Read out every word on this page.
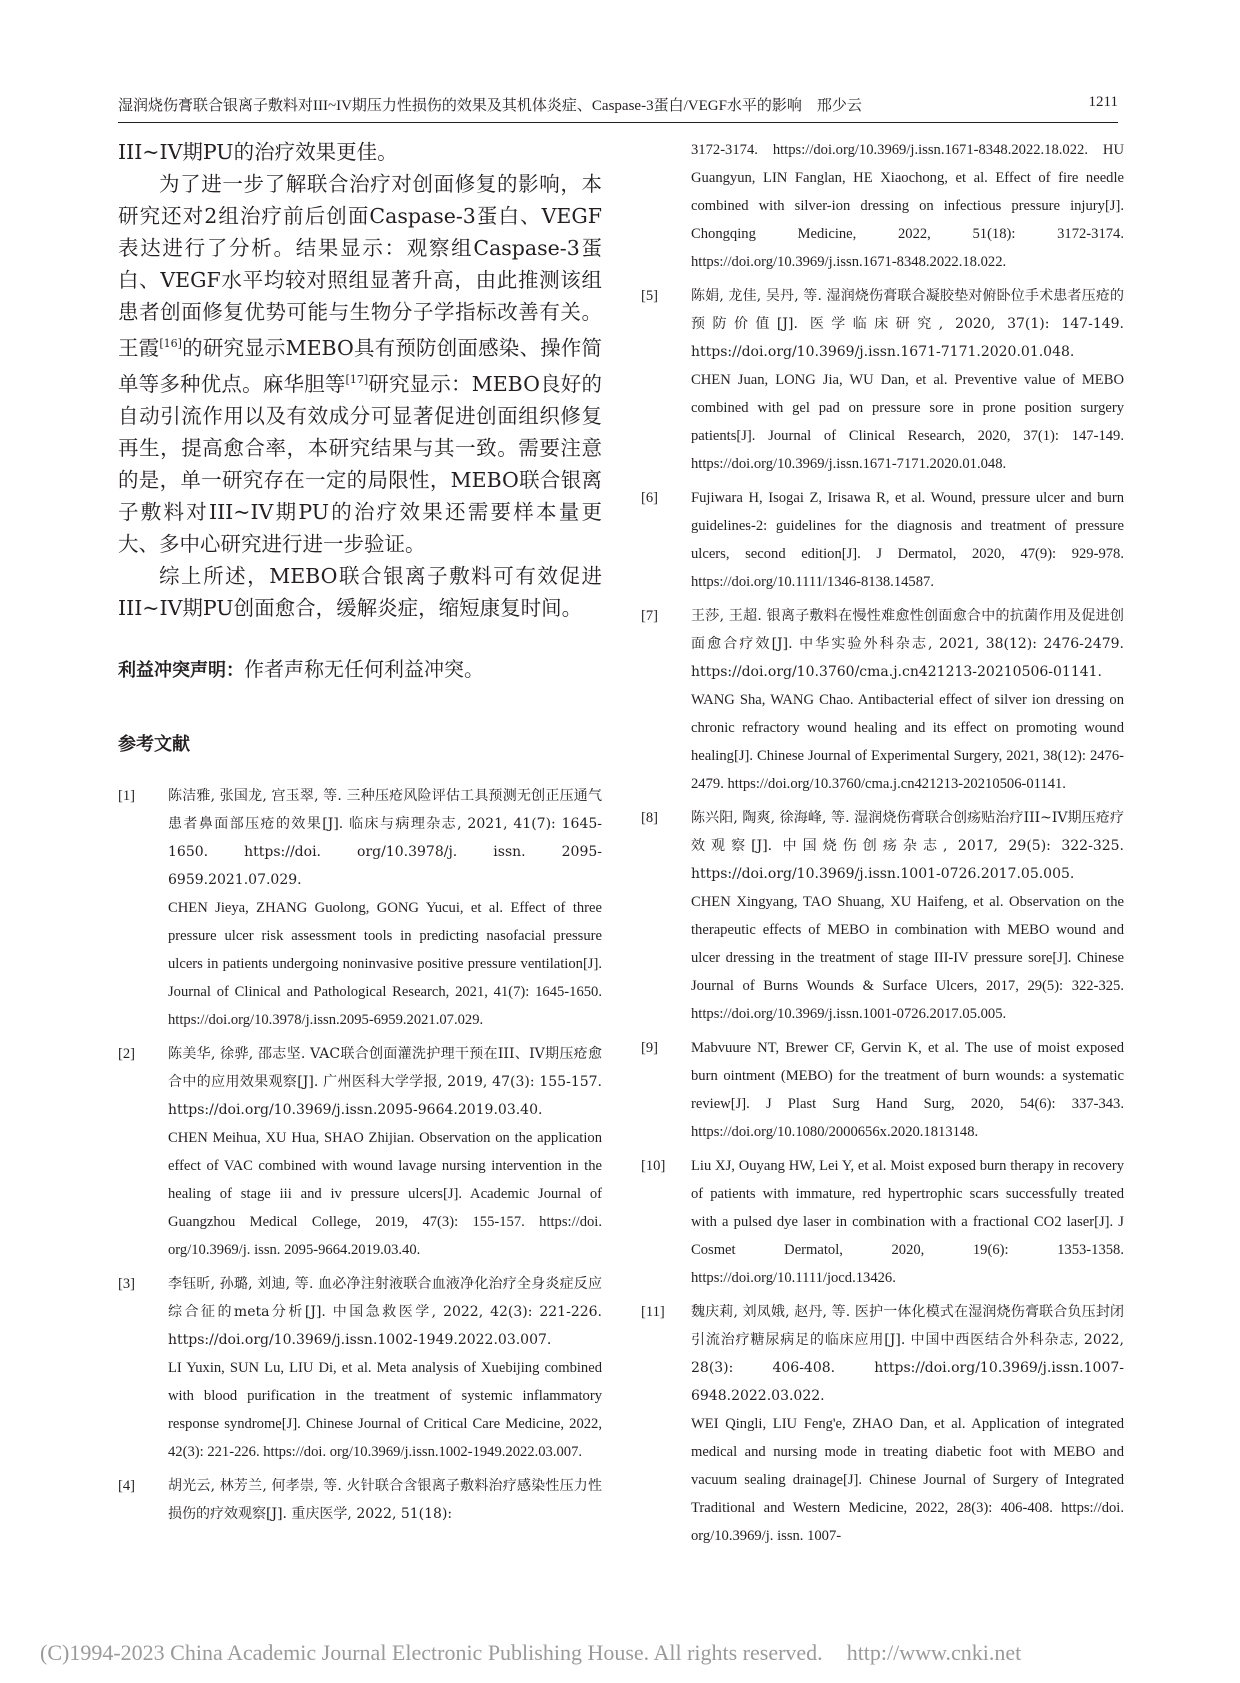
湿润烧伤膏联合银离子敷料对III~IV期压力性损伤的效果及其机体炎症、Caspase-3蛋白/VEGF水平的影响　邢少云	1211

III~IV期PU的治疗效果更佳。

为了进一步了解联合治疗对创面修复的影响，本研究还对2组治疗前后创面Caspase-3蛋白、VEGF表达进行了分析。结果显示：观察组Caspase-3蛋白、VEGF水平均较对照组显著升高，由此推测该组患者创面修复优势可能与生物分子学指标改善有关。王霞[16]的研究显示MEBO具有预防创面感染、操作简单等多种优点。麻华胆等[17]研究显示：MEBO良好的自动引流作用以及有效成分可显著促进创面组织修复再生，提高愈合率，本研究结果与其一致。需要注意的是，单一研究存在一定的局限性，MEBO联合银离子敷料对III~IV期PU的治疗效果还需要样本量更大、多中心研究进行进一步验证。

综上所述，MEBO联合银离子敷料可有效促进III~IV期PU创面愈合，缓解炎症，缩短康复时间。

利益冲突声明：作者声称无任何利益冲突。

参考文献
[1] 陈洁雅, 张国龙, 宫玉翠, 等. 三种压疮风险评估工具预测无创正压通气患者鼻面部压疮的效果[J]. 临床与病理杂志, 2021, 41(7): 1645-1650. https://doi. org/10.3978/j. issn. 2095-6959.2021.07.029.

CHEN Jieya, ZHANG Guolong, GONG Yucui, et al. Effect of three pressure ulcer risk assessment tools in predicting nasofacial pressure ulcers in patients undergoing noninvasive positive pressure ventilation[J]. Journal of Clinical and Pathological Research, 2021, 41(7): 1645-1650. https://doi.org/10.3978/j.issn.2095-6959.2021.07.029.

[2] 陈美华, 徐骅, 邵志坚. VAC联合创面灌洗护理干预在III、IV期压疮愈合中的应用效果观察[J]. 广州医科大学学报, 2019, 47(3): 155-157. https://doi.org/10.3969/j.issn.2095-9664.2019.03.40.

CHEN Meihua, XU Hua, SHAO Zhijian. Observation on the application effect of VAC combined with wound lavage nursing intervention in the healing of stage iii and iv pressure ulcers[J]. Academic Journal of Guangzhou Medical College, 2019, 47(3): 155-157. https://doi. org/10.3969/j. issn. 2095-9664.2019.03.40.

[3] 李钰昕, 孙璐, 刘迪, 等. 血必净注射液联合血液净化治疗全身炎症反应综合征的meta分析[J]. 中国急救医学, 2022, 42(3): 221-226. https://doi.org/10.3969/j.issn.1002-1949.2022.03.007.

LI Yuxin, SUN Lu, LIU Di, et al. Meta analysis of Xuebijing combined with blood purification in the treatment of systemic inflammatory response syndrome[J]. Chinese Journal of Critical Care Medicine, 2022, 42(3): 221-226. https://doi. org/10.3969/j.issn.1002-1949.2022.03.007.

[4] 胡光云, 林芳兰, 何孝崇, 等. 火针联合含银离子敷料治疗感染性压力性损伤的疗效观察[J]. 重庆医学, 2022, 51(18):

3172-3174. https://doi.org/10.3969/j.issn.1671-8348.2022.18.022. HU Guangyun, LIN Fanglan, HE Xiaochong, et al. Effect of fire needle combined with silver-ion dressing on infectious pressure injury[J]. Chongqing Medicine, 2022, 51(18): 3172-3174. https://doi.org/10.3969/j.issn.1671-8348.2022.18.022.

[5] 陈娟, 龙佳, 吴丹, 等. 湿润烧伤膏联合凝胶垫对俯卧位手术患者压疮的预防价值[J]. 医学临床研究, 2020, 37(1): 147-149. https://doi.org/10.3969/j.issn.1671-7171.2020.01.048.

CHEN Juan, LONG Jia, WU Dan, et al. Preventive value of MEBO combined with gel pad on pressure sore in prone position surgery patients[J]. Journal of Clinical Research, 2020, 37(1): 147-149. https://doi.org/10.3969/j.issn.1671-7171.2020.01.048.

[6] Fujiwara H, Isogai Z, Irisawa R, et al. Wound, pressure ulcer and burn guidelines-2: guidelines for the diagnosis and treatment of pressure ulcers, second edition[J]. J Dermatol, 2020, 47(9): 929-978. https://doi.org/10.1111/1346-8138.14587.

[7] 王莎, 王超. 银离子敷料在慢性难愈性创面愈合中的抗菌作用及促进创面愈合疗效[J]. 中华实验外科杂志, 2021, 38(12): 2476-2479. https://doi.org/10.3760/cma.j.cn421213-20210506-01141.

WANG Sha, WANG Chao. Antibacterial effect of silver ion dressing on chronic refractory wound healing and its effect on promoting wound healing[J]. Chinese Journal of Experimental Surgery, 2021, 38(12): 2476-2479. https://doi.org/10.3760/cma.j.cn421213-20210506-01141.

[8] 陈兴阳, 陶爽, 徐海峰, 等. 湿润烧伤膏联合创疡贴治疗III~IV期压疮疗效观察[J]. 中国烧伤创疡杂志, 2017, 29(5): 322-325. https://doi.org/10.3969/j.issn.1001-0726.2017.05.005.

CHEN Xingyang, TAO Shuang, XU Haifeng, et al. Observation on the therapeutic effects of MEBO in combination with MEBO wound and ulcer dressing in the treatment of stage III-IV pressure sore[J]. Chinese Journal of Burns Wounds & Surface Ulcers, 2017, 29(5): 322-325. https://doi.org/10.3969/j.issn.1001-0726.2017.05.005.

[9] Mabvuure NT, Brewer CF, Gervin K, et al. The use of moist exposed burn ointment (MEBO) for the treatment of burn wounds: a systematic review[J]. J Plast Surg Hand Surg, 2020, 54(6): 337-343. https://doi.org/10.1080/2000656x.2020.1813148.

[10] Liu XJ, Ouyang HW, Lei Y, et al. Moist exposed burn therapy in recovery of patients with immature, red hypertrophic scars successfully treated with a pulsed dye laser in combination with a fractional CO2 laser[J]. J Cosmet Dermatol, 2020, 19(6): 1353-1358. https://doi.org/10.1111/jocd.13426.

[11] 魏庆莉, 刘凤娥, 赵丹, 等. 医护一体化模式在湿润烧伤膏联合负压封闭引流治疗糖尿病足的临床应用[J]. 中国中西医结合外科杂志, 2022, 28(3): 406-408. https://doi.org/10.3969/j.issn.1007-6948.2022.03.022.

WEI Qingli, LIU Feng'e, ZHAO Dan, et al. Application of integrated medical and nursing mode in treating diabetic foot with MEBO and vacuum sealing drainage[J]. Chinese Journal of Surgery of Integrated Traditional and Western Medicine, 2022, 28(3): 406-408. https://doi. org/10.3969/j. issn. 1007-

(C)1994-2023 China Academic Journal Electronic Publishing House. All rights reserved. http://www.cnki.net
